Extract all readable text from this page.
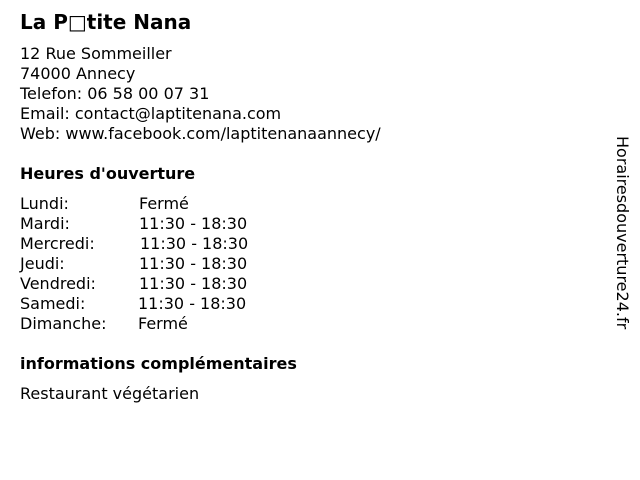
La P□tite Nana
12 Rue Sommeiller
74000 Annecy
Telefon: 06 58 00 07 31
Email: contact@laptitenana.com
Web: www.facebook.com/laptitenanaannecy/
Heures d'ouverture
Lundi:	Fermé
Mardi:	11:30 - 18:30
Mercredi:	11:30 - 18:30
Jeudi:	11:30 - 18:30
Vendredi:	11:30 - 18:30
Samedi:	11:30 - 18:30
Dimanche: Fermé
informations complémentaires
Restaurant végétarien
Horairesdouverture24.fr
